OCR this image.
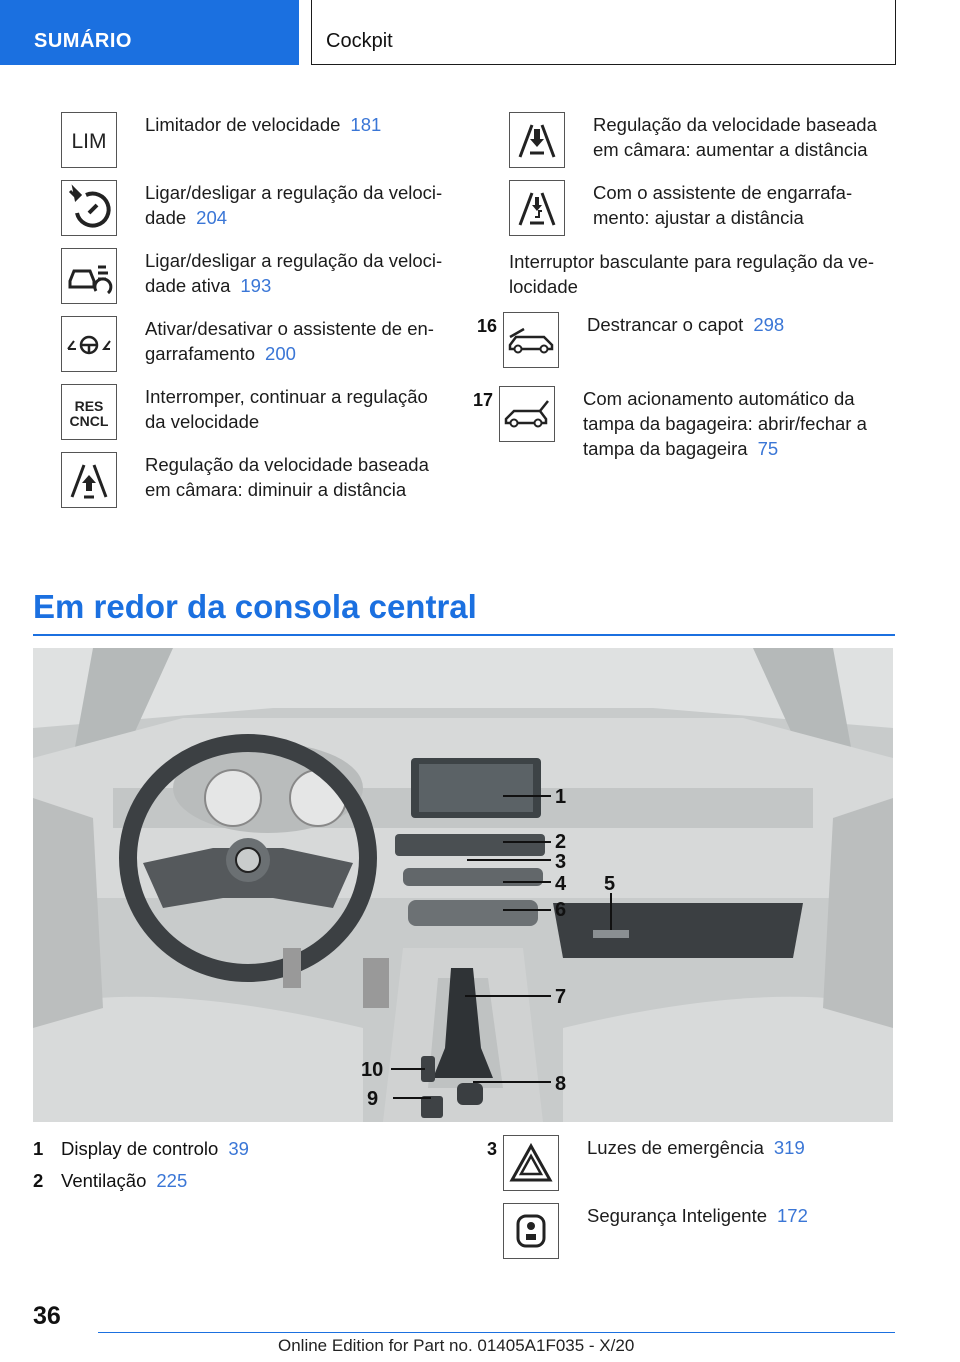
SUMÁRIO	Cockpit
LIM
Limitador de velocidade 181
Ligar/desligar a regulação da veloci-dade 204
Ligar/desligar a regulação da veloci-dade ativa 193
Ativar/desativar o assistente de en-garrafamento 200
RES
CNCL
Interromper, continuar a regulação da velocidade
Regulação da velocidade baseada em câmara: diminuir a distância
Regulação da velocidade baseada em câmara: aumentar a distância
Com o assistente de engarrafa-mento: ajustar a distância
Interruptor basculante para regulação da ve-locidade
16	Destrancar o capot 298
17	Com acionamento automático da tampa da bagageira: abrir/fechar a tampa da bagageira 75
Em redor da consola central
1
2
3
4 5
6
7
8
9
10
1 Display de controlo 39
2 Ventilação 225
3	Luzes de emergência 319
Segurança Inteligente 172
36
Online Edition for Part no. 01405A1F035 - X/20
